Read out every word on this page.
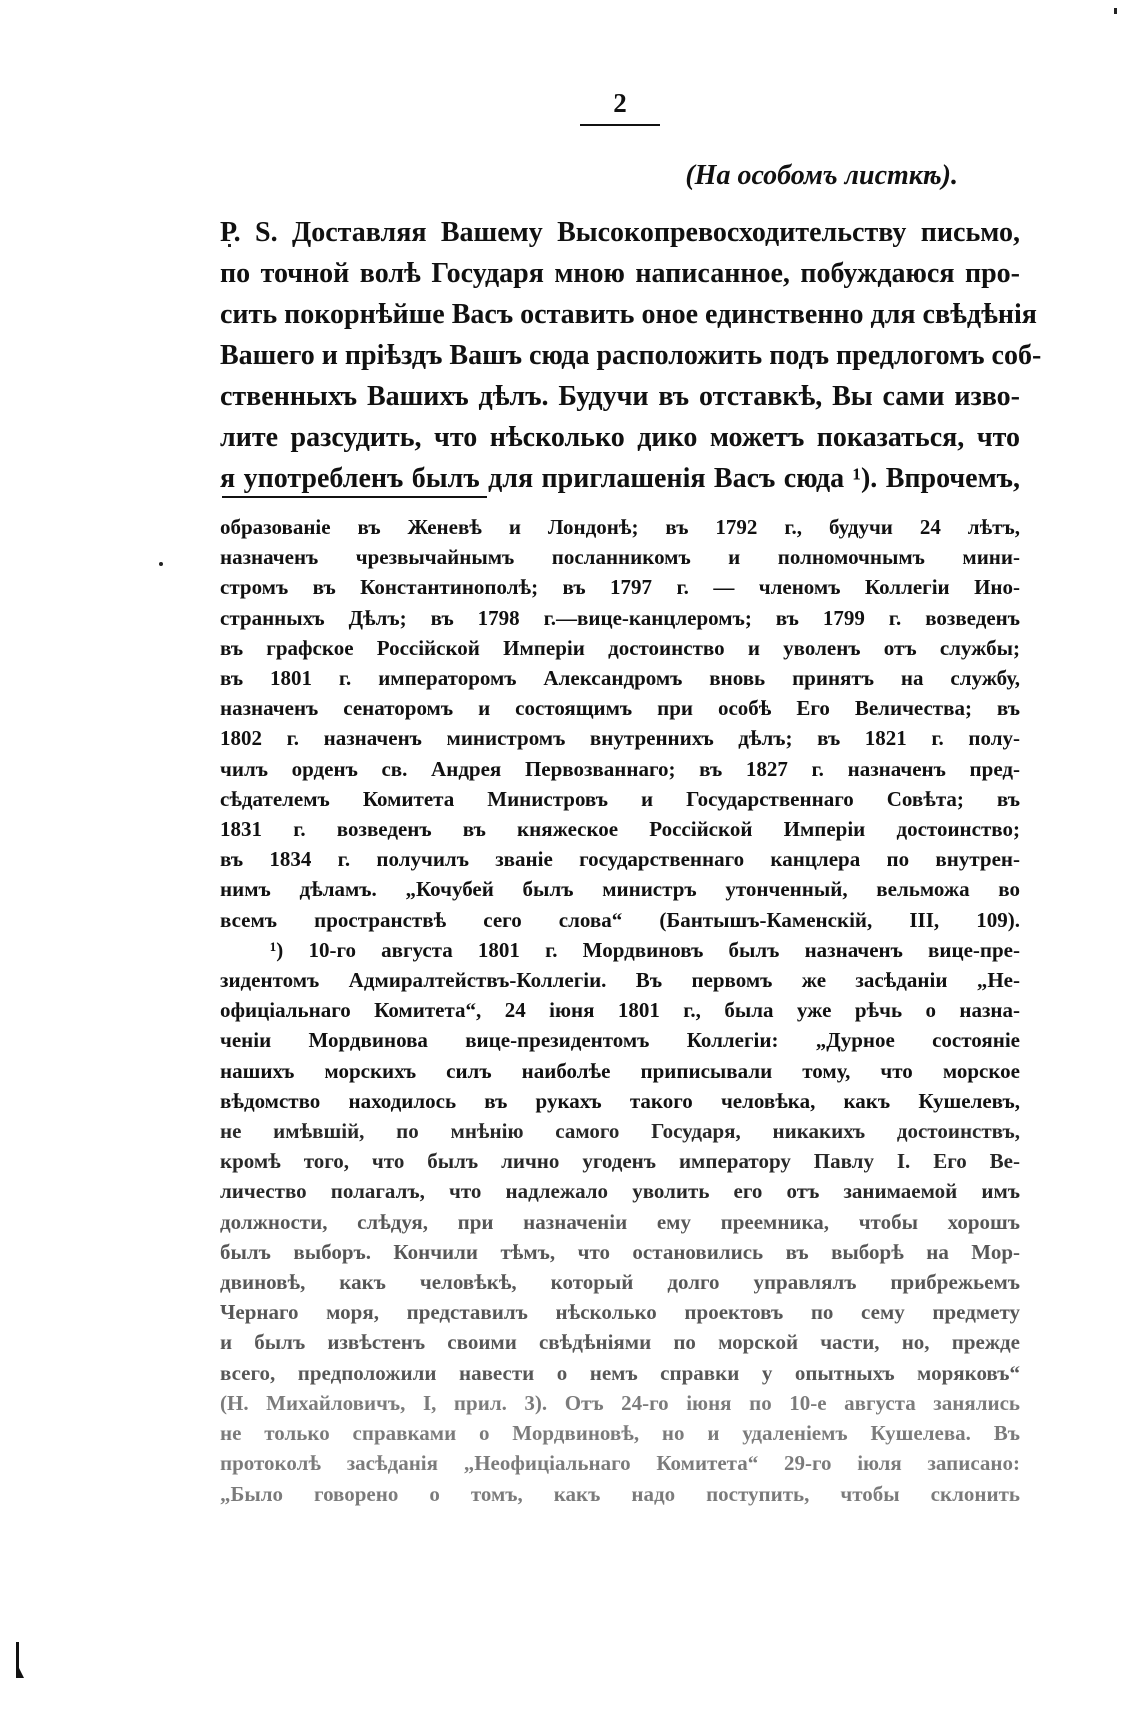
2
(На особомъ листкѣ).
Р. S. Доставляя Вашему Высокопревосходительству письмо,
по точной волѣ Государя мною написанное, побуждаюся про-
сить покорнѣйше Васъ оставить оное единственно для свѣдѣнія
Вашего и прiѣздъ Вашъ сюда расположить подъ предлогомъ соб-
ственныхъ Вашихъ дѣлъ. Будучи въ отставкѣ, Вы сами изво-
лите разсудить, что нѣсколько дико можетъ показаться, что
я употребленъ былъ для приглашенія Васъ сюда ¹). Впрочемъ,
образованіе въ Женевѣ и Лондонѣ; въ 1792 г., будучи 24 лѣтъ,
назначенъ чрезвычайнымъ посланникомъ и полномочнымъ мини-
стромъ въ Константинополѣ; въ 1797 г. — членомъ Коллегіи Ино-
странныхъ Дѣлъ; въ 1798 г.—вице-канцлеромъ; въ 1799 г. возведенъ
въ графское Россійской Имперіи достоинство и уволенъ отъ службы;
въ 1801 г. императоромъ Александромъ вновь принятъ на службу,
назначенъ сенаторомъ и состоящимъ при особѣ Его Величества; въ
1802 г. назначенъ министромъ внутреннихъ дѣлъ; въ 1821 г. полу-
чилъ орденъ св. Андрея Первозваннаго; въ 1827 г. назначенъ пред-
сѣдателемъ Комитета Министровъ и Государственнаго Совѣта; въ
1831 г. возведенъ въ княжеское Россійской Имперіи достоинство;
въ 1834 г. получилъ званіе государственнаго канцлера по внутрен-
нимъ дѣламъ. „Кочубей былъ министръ утонченный, вельможа во
всемъ пространствѣ сего слова“ (Бантышъ-Каменскій, III, 109).
¹) 10-го августа 1801 г. Мордвиновъ былъ назначенъ вице-пре-
зидентомъ Адмиралтействъ-Коллегіи. Въ первомъ же засѣданіи „Не-
офиціальнаго Комитета“, 24 іюня 1801 г., была уже рѣчь о назна-
ченіи Мордвинова вице-президентомъ Коллегіи: „Дурное состояніе
нашихъ морскихъ силъ наиболѣе приписывали тому, что морское
вѣдомство находилось въ рукахъ такого человѣка, какъ Кушелевъ,
не имѣвшій, по мнѣнію самого Государя, никакихъ достоинствъ,
кромѣ того, что былъ лично угоденъ императору Павлу I. Его Ве-
личество полагалъ, что надлежало уволить его отъ занимаемой имъ
должности, слѣдуя, при назначеніи ему преемника, чтобы хорошъ
былъ выборъ. Кончили тѣмъ, что остановились въ выборѣ на Мор-
двиновѣ, какъ человѣкѣ, который долго управлялъ прибрежьемъ
Чернаго моря, представилъ нѣсколько проектовъ по сему предмету
и былъ извѣстенъ своими свѣдѣніями по морской части, но, прежде
всего, предположили навести о немъ справки у опытныхъ моряковъ“
(Н. Михайловичъ, I, прил. 3). Отъ 24-го іюня по 10-е августа занялись
не только справками о Мордвиновѣ, но и удаленіемъ Кушелева. Въ
протоколѣ засѣданія „Неофиціальнаго Комитета“ 29-го іюля записано:
„Было говорено о томъ, какъ надо поступить, чтобы склонить
